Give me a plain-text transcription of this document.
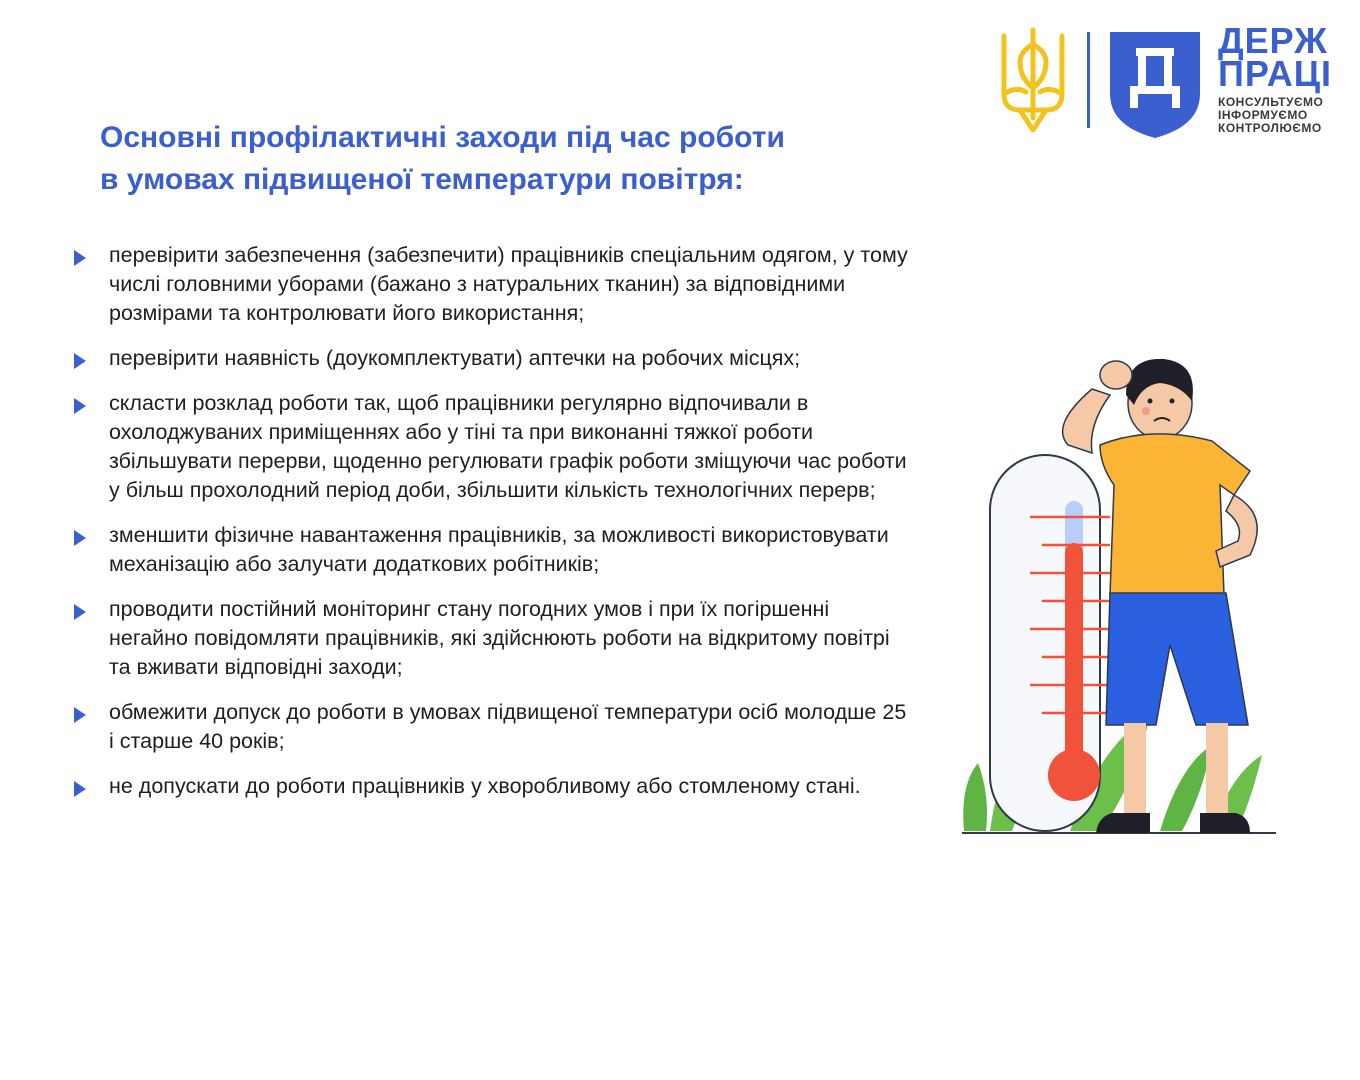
ДЕРЖ
ПРАЦІ
КОНСУЛЬТУЄМО
ІНФОРМУЄМО
КОНТРОЛЮЄМО
Основні профілактичні заходи під час роботи
в умовах підвищеної температури повітря:
перевірити забезпечення (забезпечити) працівників спеціальним одягом, у тому числі головними уборами (бажано з натуральних тканин) за відповідними розмірами та контролювати його використання;
перевірити наявність (доукомплектувати) аптечки на робочих місцях;
скласти розклад роботи так, щоб працівники регулярно відпочивали в охолоджуваних приміщеннях або у тіні та при виконанні тяжкої роботи збільшувати перерви, щоденно регулювати графік роботи зміщуючи час роботи у більш прохолодний період доби, збільшити кількість технологічних перерв;
зменшити фізичне навантаження працівників, за можливості використовувати механізацію або залучати додаткових робітників;
проводити постійний моніторинг стану погодних умов і при їх погіршенні негайно повідомляти працівників, які здійснюють роботи на відкритому повітрі та вживати відповідні заходи;
обмежити допуск до роботи в умовах підвищеної температури осіб молодше 25 і старше 40 років;
не допускати до роботи працівників у хворобливому або стомленому стані.
